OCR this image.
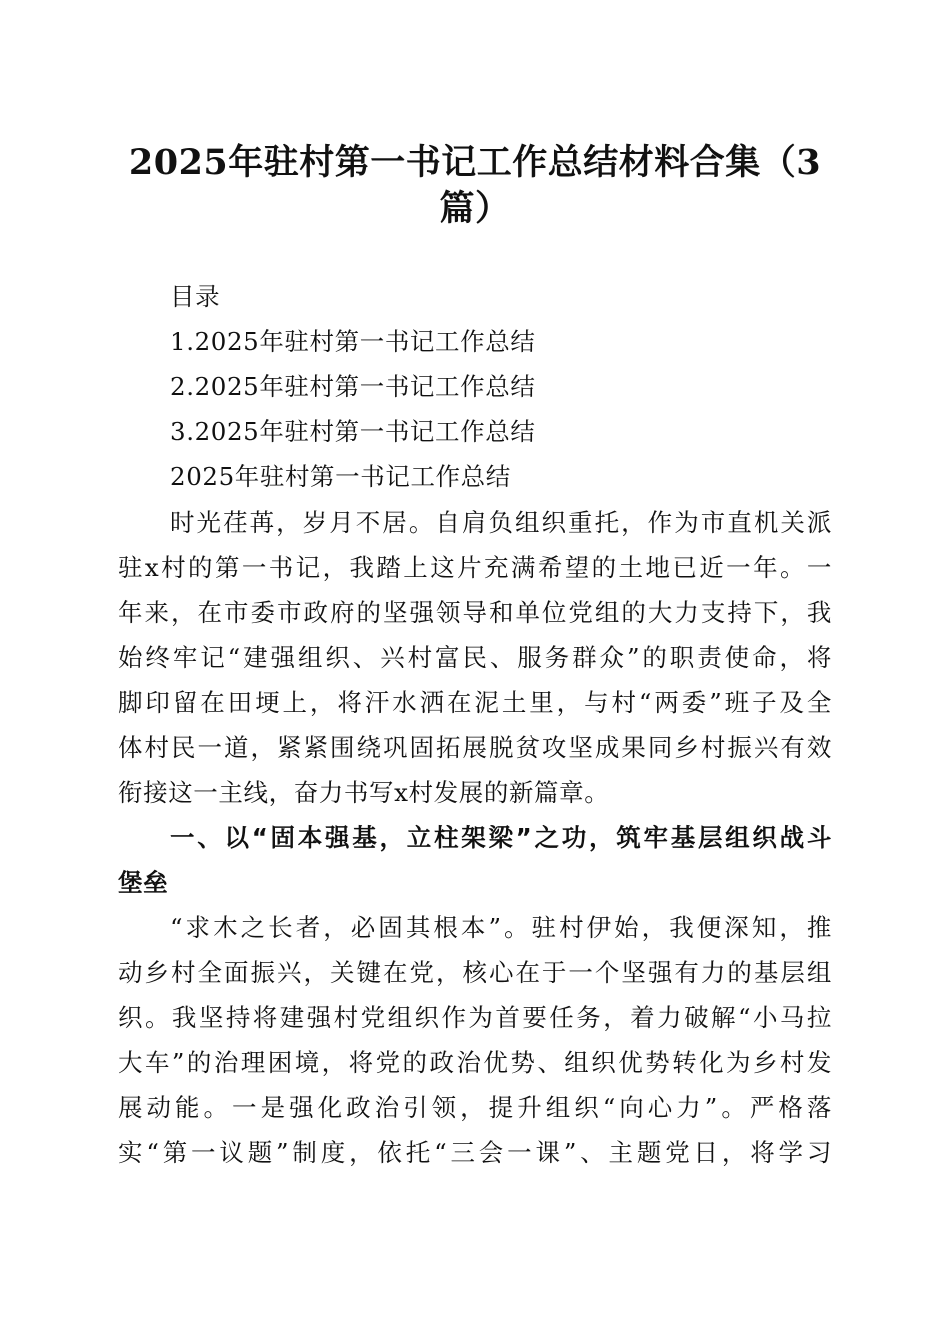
2025年驻村第一书记工作总结材料合集（3
篇）
目录
1.2025年驻村第一书记工作总结
2.2025年驻村第一书记工作总结
3.2025年驻村第一书记工作总结
2025年驻村第一书记工作总结
时光荏苒，岁月不居。自肩负组织重托，作为市直机关派
驻x村的第一书记，我踏上这片充满希望的土地已近一年。一
年来，在市委市政府的坚强领导和单位党组的大力支持下，我
始终牢记“建强组织、兴村富民、服务群众”的职责使命，将
脚印留在田埂上，将汗水洒在泥土里，与村“两委”班子及全
体村民一道，紧紧围绕巩固拓展脱贫攻坚成果同乡村振兴有效
衔接这一主线，奋力书写x村发展的新篇章。
一、以“固本强基，立柱架梁”之功，筑牢基层组织战斗
堡垒
“求木之长者，必固其根本”。驻村伊始，我便深知，推
动乡村全面振兴，关键在党，核心在于一个坚强有力的基层组
织。我坚持将建强村党组织作为首要任务，着力破解“小马拉
大车”的治理困境，将党的政治优势、组织优势转化为乡村发
展动能。一是强化政治引领，提升组织“向心力”。严格落
实“第一议题”制度，依托“三会一课”、主题党日，将学习
